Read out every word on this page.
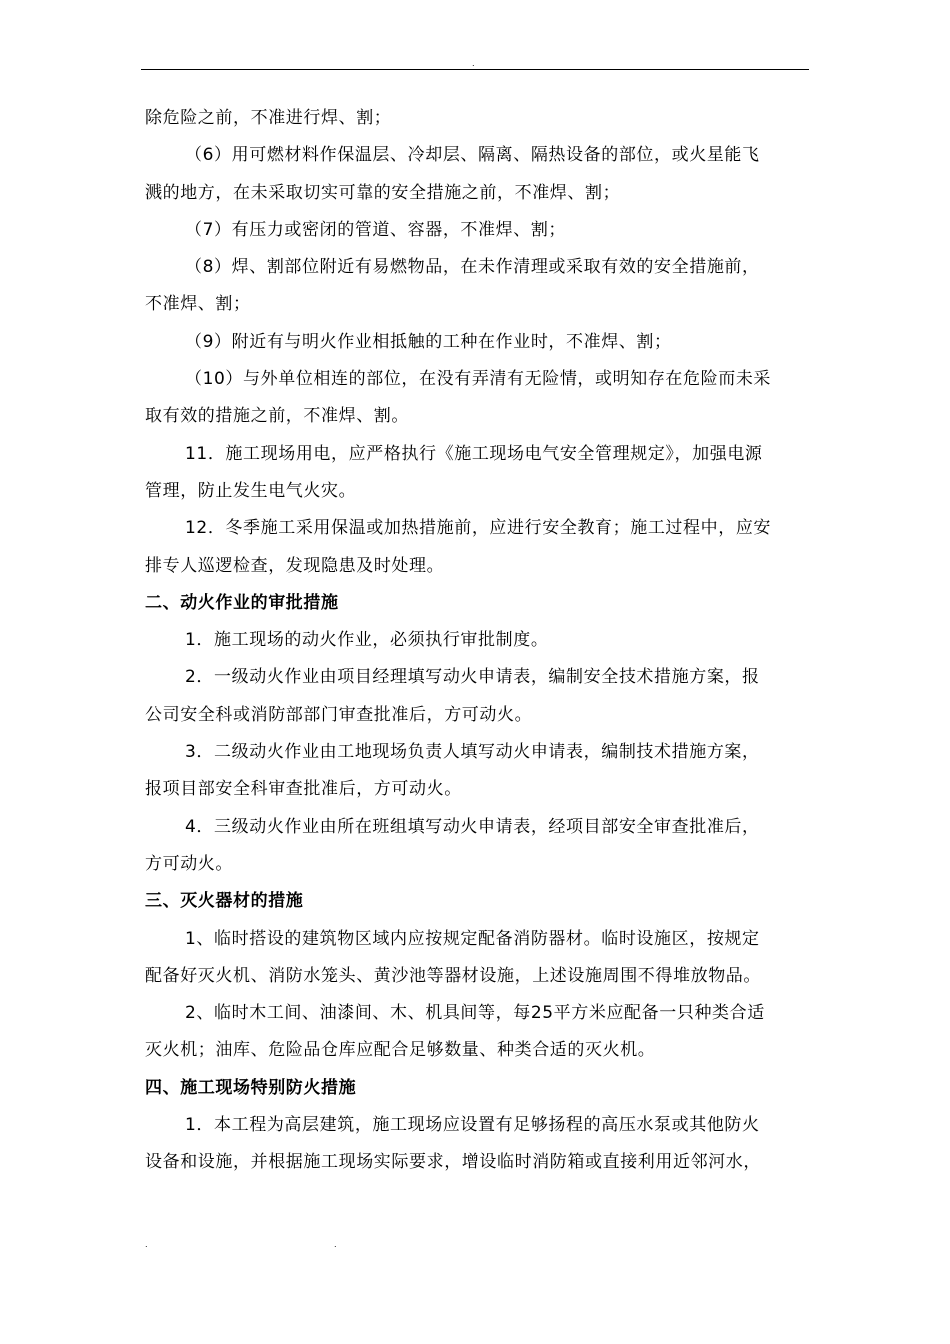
.
除危险之前，不准进行焊、割；
（6）用可燃材料作保温层、冷却层、隔离、隔热设备的部位，或火星能飞
溅的地方，在未采取切实可靠的安全措施之前，不准焊、割；
（7）有压力或密闭的管道、容器，不准焊、割；
（8）焊、割部位附近有易燃物品，在未作清理或采取有效的安全措施前，
不准焊、割；
（9）附近有与明火作业相抵触的工种在作业时，不准焊、割；
（10）与外单位相连的部位，在没有弄清有无险情，或明知存在危险而未采
取有效的措施之前，不准焊、割。
11．施工现场用电，应严格执行《施工现场电气安全管理规定》，加强电源
管理，防止发生电气火灾。
12．冬季施工采用保温或加热措施前，应进行安全教育；施工过程中，应安
排专人巡逻检查，发现隐患及时处理。
二、动火作业的审批措施
1．施工现场的动火作业，必须执行审批制度。
2．一级动火作业由项目经理填写动火申请表，编制安全技术措施方案，报
公司安全科或消防部部门审查批准后，方可动火。
3．二级动火作业由工地现场负责人填写动火申请表，编制技术措施方案，
报项目部安全科审查批准后，方可动火。
4．三级动火作业由所在班组填写动火申请表，经项目部安全审查批准后，
方可动火。
三、灭火器材的措施
1、临时搭设的建筑物区域内应按规定配备消防器材。临时设施区，按规定
配备好灭火机、消防水笼头、黄沙池等器材设施，上述设施周围不得堆放物品。
2、临时木工间、油漆间、木、机具间等，每25平方米应配备一只种类合适
灭火机；油库、危险品仓库应配合足够数量、种类合适的灭火机。
四、施工现场特别防火措施
1．本工程为高层建筑，施工现场应设置有足够扬程的高压水泵或其他防火
设备和设施，并根据施工现场实际要求，增设临时消防箱或直接利用近邻河水，
.	.
